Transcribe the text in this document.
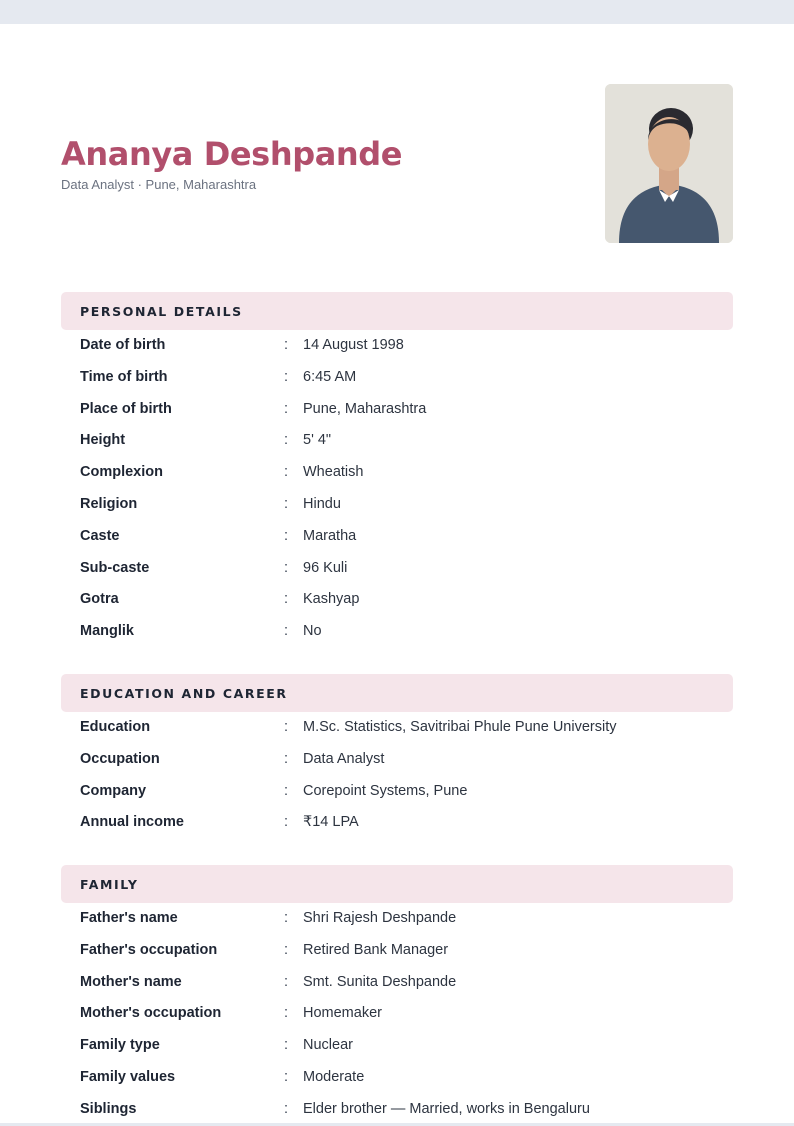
Ananya Deshpande
Data Analyst · Pune, Maharashtra
PERSONAL DETAILS
Date of birth	: 14 August 1998
Time of birth	: 6:45 AM
Place of birth	: Pune, Maharashtra
Height	: 5' 4"
Complexion	: Wheatish
Religion	: Hindu
Caste	: Maratha
Sub-caste	: 96 Kuli
Gotra	: Kashyap
Manglik	: No
EDUCATION AND CAREER
Education	: M.Sc. Statistics, Savitribai Phule Pune University
Occupation	: Data Analyst
Company	: Corepoint Systems, Pune
Annual income	: ₹14 LPA
FAMILY
Father's name	: Shri Rajesh Deshpande
Father's occupation	: Retired Bank Manager
Mother's name	: Smt. Sunita Deshpande
Mother's occupation	: Homemaker
Family type	: Nuclear
Family values	: Moderate
Siblings	: Elder brother — Married, works in Bengaluru
